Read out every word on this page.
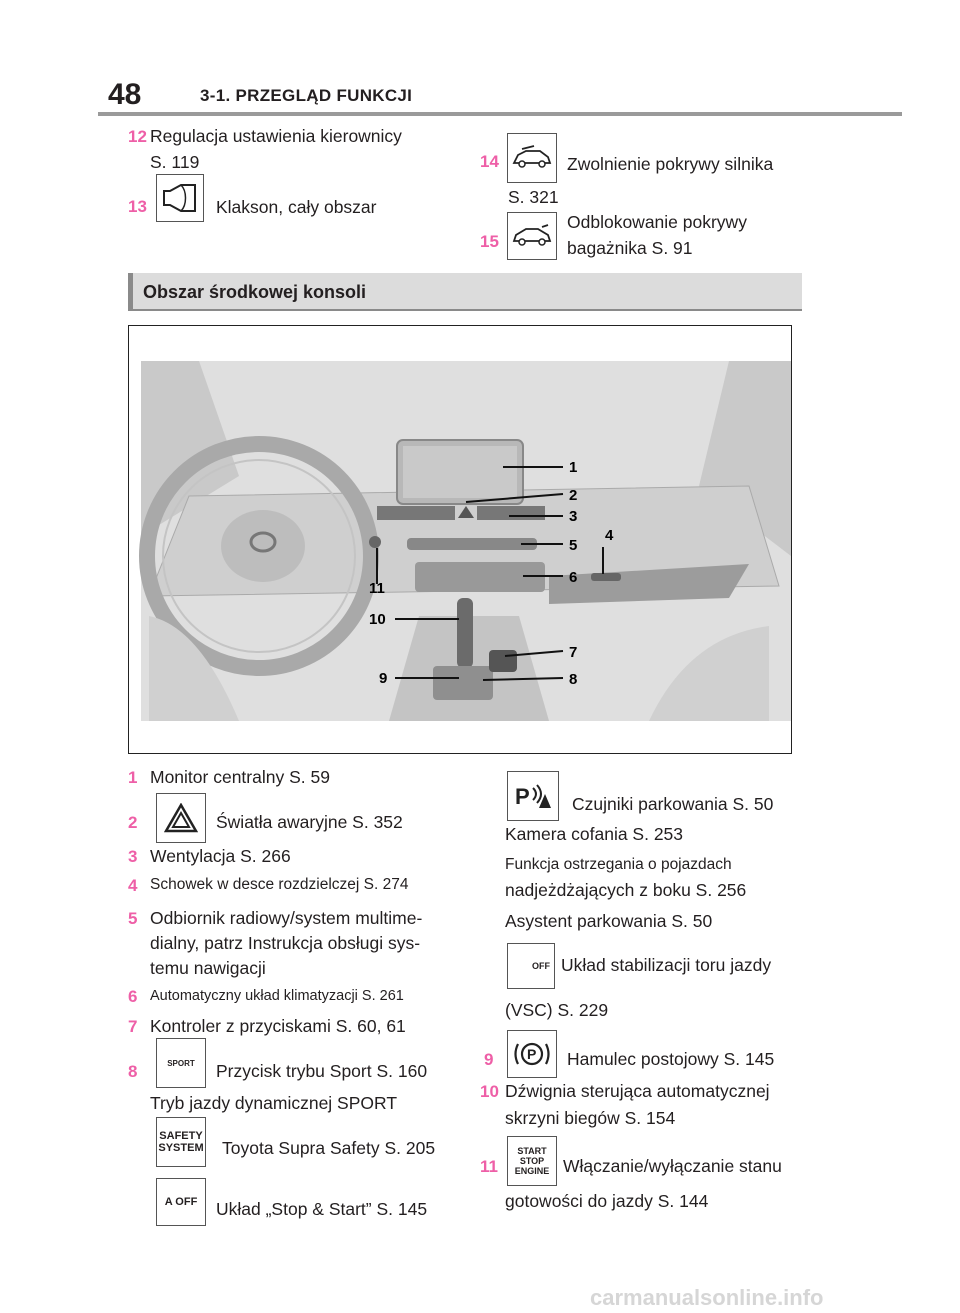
48	3-1. PRZEGLĄD FUNKCJI
12 Regulacja ustawienia kierownicy
S. 119
13	Klakson, cały obszar
14	Zwolnienie pokrywy silnika
S. 321
15
Odblokowanie pokrywy
bagażnika S. 91
Obszar środkowej konsoli
1
2
3
4
5
6
7
8
9
10
11
1 Monitor centralny S. 59
2	Światła awaryjne S. 352
3 Wentylacja S. 266
4 Schowek w desce rozdzielczej S. 274
5 Odbiornik radiowy/system multime-
dialny, patrz Instrukcja obsługi sys-
temu nawigacji
6 Automatyczny układ klimatyzacji S. 261
7 Kontroler z przyciskami S. 60, 61
8	SPORT	Przycisk trybu Sport S. 160
Tryb jazdy dynamicznej SPORT
SAFETY
SYSTEM Toyota Supra Safety S. 205
A OFF	Układ „Stop & Start” S. 145
P Czujniki parkowania S. 50
Kamera cofania S. 253
Funkcja ostrzegania o pojazdach
nadjeżdżających z boku S. 256
Asystent parkowania S. 50
OFF Układ stabilizacji toru jazdy
(VSC) S. 229
9 P Hamulec postojowy S. 145
10 Dźwignia sterująca automatycznej
skrzyni biegów S. 154
11
START
STOP
ENGINE Włączanie/wyłączanie stanu
gotowości do jazdy S. 144
carmanualsonline.info
